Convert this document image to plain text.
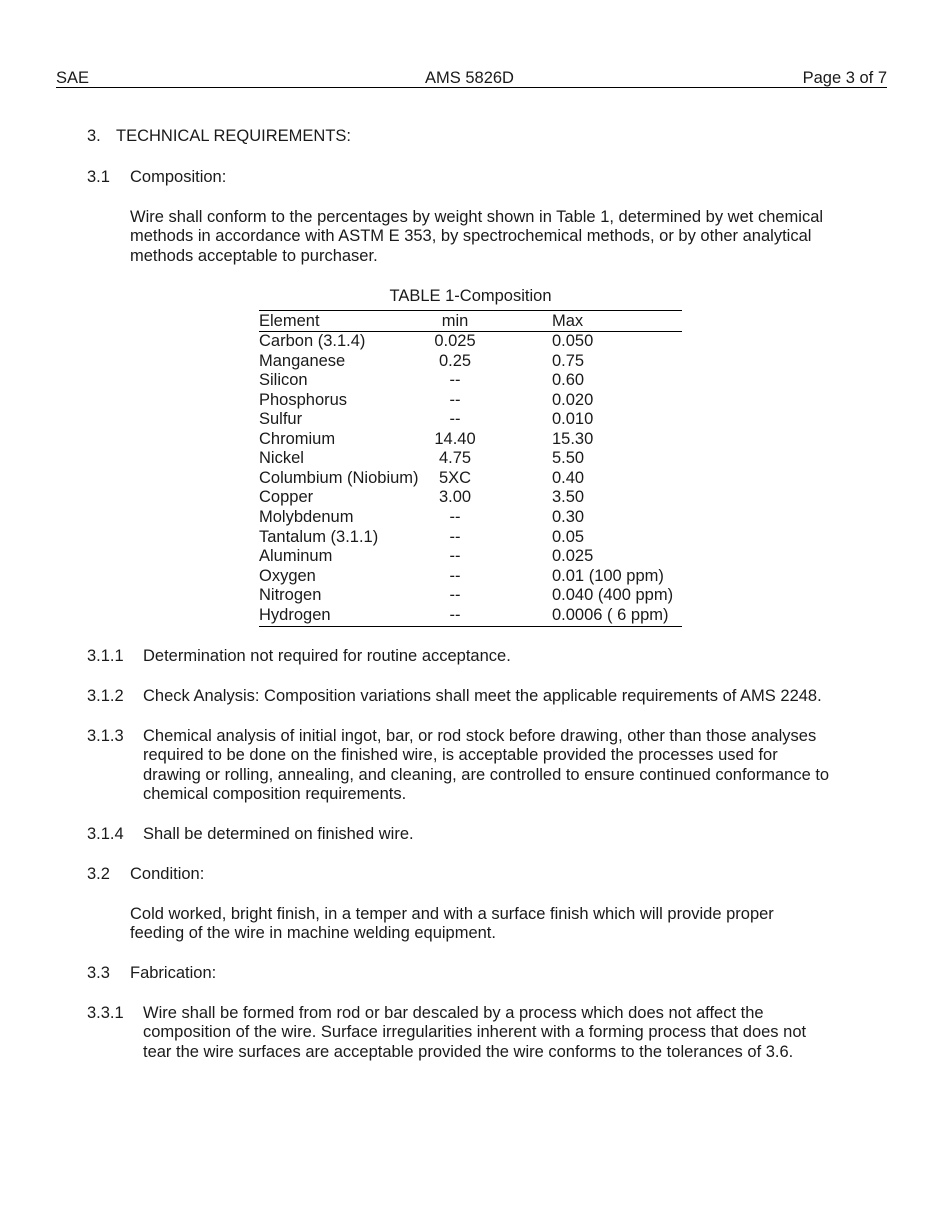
SAE	AMS 5826D	Page 3 of 7
3. TECHNICAL REQUIREMENTS:
3.1 Composition:
Wire shall conform to the percentages by weight shown in Table 1, determined by wet chemical
methods in accordance with ASTM E 353, by spectrochemical methods, or by other analytical
methods acceptable to purchaser.
TABLE 1-Composition
Element	min	Max
Carbon (3.1.4)	0.025	0.050
Manganese	0.25	0.75
Silicon	--	0.60
Phosphorus	--	0.020
Sulfur	--	0.010
Chromium	14.40	15.30
Nickel	4.75	5.50
Columbium (Niobium)	5XC	0.40
Copper	3.00	3.50
Molybdenum	--	0.30
Tantalum (3.1.1)	--	0.05
Aluminum	--	0.025
Oxygen	--	0.01 (100 ppm)
Nitrogen	--	0.040 (400 ppm)
Hydrogen	--	0.0006 ( 6 ppm)
3.1.1 Determination not required for routine acceptance.
3.1.2 Check Analysis: Composition variations shall meet the applicable requirements of AMS 2248.
3.1.3 Chemical analysis of initial ingot, bar, or rod stock before drawing, other than those analyses
required to be done on the finished wire, is acceptable provided the processes used for
drawing or rolling, annealing, and cleaning, are controlled to ensure continued conformance to
chemical composition requirements.
3.1.4 Shall be determined on finished wire.
3.2 Condition:
Cold worked, bright finish, in a temper and with a surface finish which will provide proper
feeding of the wire in machine welding equipment.
3.3 Fabrication:
3.3.1 Wire shall be formed from rod or bar descaled by a process which does not affect the
composition of the wire. Surface irregularities inherent with a forming process that does not
tear the wire surfaces are acceptable provided the wire conforms to the tolerances of 3.6.
